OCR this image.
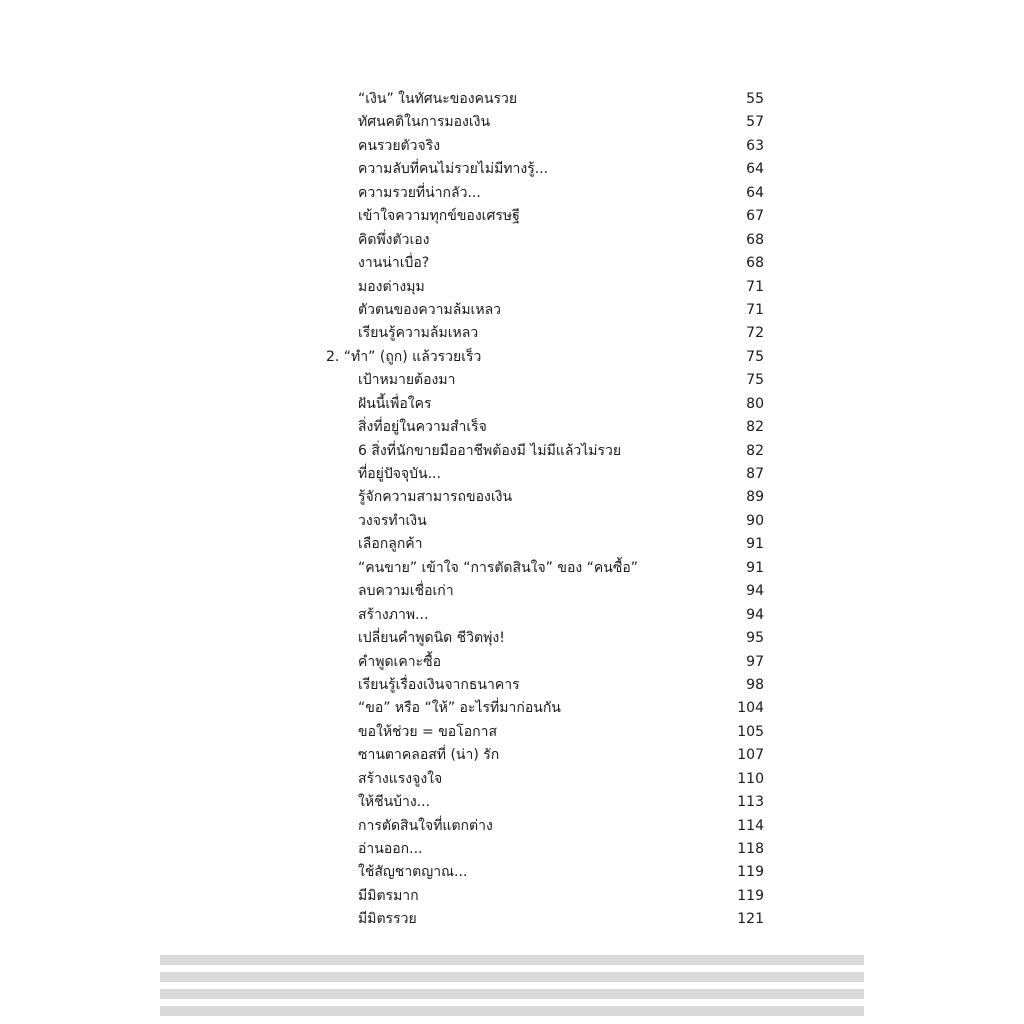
“เงิน” ในทัศนะของคนรวย	55
ทัศนคติในการมองเงิน	57
คนรวยตัวจริง	63
ความลับที่คนไม่รวยไม่มีทางรู้...	64
ความรวยที่น่ากลัว...	64
เข้าใจความทุกข์ของเศรษฐี	67
คิดพึ่งตัวเอง	68
งานน่าเบื่อ?	68
มองต่างมุม	71
ตัวตนของความล้มเหลว	71
เรียนรู้ความล้มเหลว	72
2. “ทำ” (ถูก) แล้วรวยเร็ว	75
เป้าหมายต้องมา	75
ฝันนี้เพื่อใคร	80
สิ่งที่อยู่ในความสำเร็จ	82
6 สิ่งที่นักขายมืออาชีพต้องมี ไม่มีแล้วไม่รวย	82
ที่อยู่ปัจจุบัน...	87
รู้จักความสามารถของเงิน	89
วงจรทำเงิน	90
เลือกลูกค้า	91
“คนขาย” เข้าใจ “การตัดสินใจ” ของ “คนซื้อ”	91
ลบความเชื่อเก่า	94
สร้างภาพ...	94
เปลี่ยนคำพูดนิด ชีวิตพุ่ง!	95
คำพูดเคาะซื้อ	97
เรียนรู้เรื่องเงินจากธนาคาร	98
“ขอ” หรือ “ให้” อะไรที่มาก่อนกัน	104
ขอให้ช่วย = ขอโอกาส	105
ซานตาคลอสที่ (น่า) รัก	107
สร้างแรงจูงใจ	110
ให้ชีนบ้าง...	113
การตัดสินใจที่แตกต่าง	114
อ่านออก...	118
ใช้สัญชาตญาณ...	119
มีมิตรมาก	119
มีมิตรรวย	121
